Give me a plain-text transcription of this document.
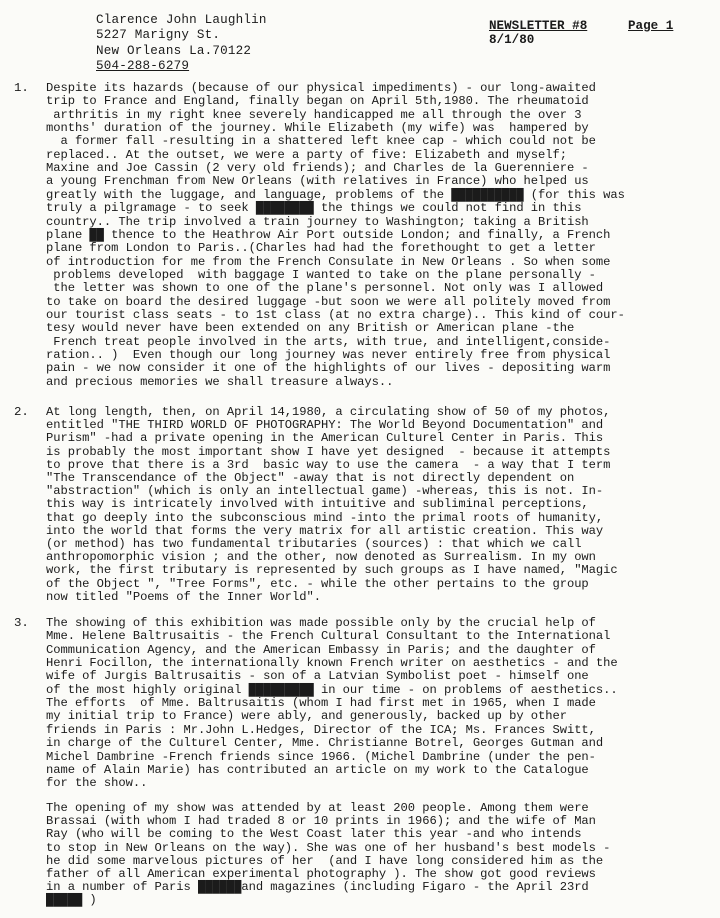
Clarence John Laughlin
5227 Marigny St.
New Orleans La.70122
504-288-6279
NEWSLETTER #8
8/1/80
Page 1
1. Despite its hazards (because of our physical impediments) - our long-awaited
trip to France and England, finally began on April 5th,1980. The rheumatoid
arthritis in my right knee severely handicapped me all through the over 3
months' duration of the journey. While Elizabeth (my wife) was  hampered by
a former fall -resulting in a shattered left knee cap - which could not be
replaced.. At the outset, we were a party of five: Elizabeth and myself;
Maxine and Joe Cassin (2 very old friends); and Charles de la Guerenniere -
a young Frenchman from New Orleans (with relatives in France) who helped us
greatly with the luggage, and language, problems of the ██████████ (for this was
truly a pilgramage - to seek ████████ the things we could not find in this
country.. The trip involved a train journey to Washington; taking a British
plane ██ thence to the Heathrow Air Port outside London; and finally, a French
plane from London to Paris..(Charles had had the forethought to get a letter
of introduction for me from the French Consulate in New Orleans . So when some
problems developed  with baggage I wanted to take on the plane personally -
the letter was shown to one of the plane's personnel. Not only was I allowed
to take on board the desired luggage -but soon we were all politely moved from
our tourist class seats - to 1st class (at no extra charge).. This kind of cour-
tesy would never have been extended on any British or American plane -the
French treat people involved in the arts, with true, and intelligent,conside-
ration.. )  Even though our long journey was never entirely free from physical
pain - we now consider it one of the highlights of our lives - depositing warm
and precious memories we shall treasure always..
2. At long length, then, on April 14,1980, a circulating show of 50 of my photos,
entitled "THE THIRD WORLD OF PHOTOGRAPHY: The World Beyond Documentation" and
Purism" -had a private opening in the American Culturel Center in Paris. This
is probably the most important show I have yet designed  - because it attempts
to prove that there is a 3rd  basic way to use the camera  - a way that I term
"The Transcendance of the Object" -away that is not directly dependent on
"abstraction" (which is only an intellectual game) -whereas, this is not. In-
this way is intricately involved with intuitive and subliminal perceptions,
that go deeply into the subconscious mind -into the primal roots of humanity,
into the world that forms the very matrix for all artistic creation. This way
(or method) has two fundamental tributaries (sources) : that which we call
anthropomorphic vision ; and the other, now denoted as Surrealism. In my own
work, the first tributary is represented by such groups as I have named, "Magic
of the Object ", "Tree Forms", etc. - while the other pertains to the group
now titled "Poems of the Inner World".
3. The showing of this exhibition was made possible only by the crucial help of
Mme. Helene Baltrusaitis - the French Cultural Consultant to the International
Communication Agency, and the American Embassy in Paris; and the daughter of
Henri Focillon, the internationally known French writer on aesthetics - and the
wife of Jurgis Baltrusaitis - son of a Latvian Symbolist poet - himself one
of the most highly original █████████ in our time - on problems of aesthetics..
The efforts  of Mme. Baltrusaitis (whom I had first met in 1965, when I made
my initial trip to France) were ably, and generously, backed up by other
friends in Paris : Mr.John L.Hedges, Director of the ICA; Ms. Frances Switt,
in charge of the Culturel Center, Mme. Christianne Botrel, Georges Gutman and
Michel Dambrine -French friends since 1966. (Michel Dambrine (under the pen-
name of Alain Marie) has contributed an article on my work to the Catalogue
for the show..
The opening of my show was attended by at least 200 people. Among them were
Brassai (with whom I had traded 8 or 10 prints in 1966); and the wife of Man
Ray (who will be coming to the West Coast later this year -and who intends
to stop in New Orleans on the way). She was one of her husband's best models -
he did some marvelous pictures of her  (and I have long considered him as the
father of all American experimental photography ). The show got good reviews
in a number of Paris ██████and magazines (including Figaro - the April 23rd
█████ )
